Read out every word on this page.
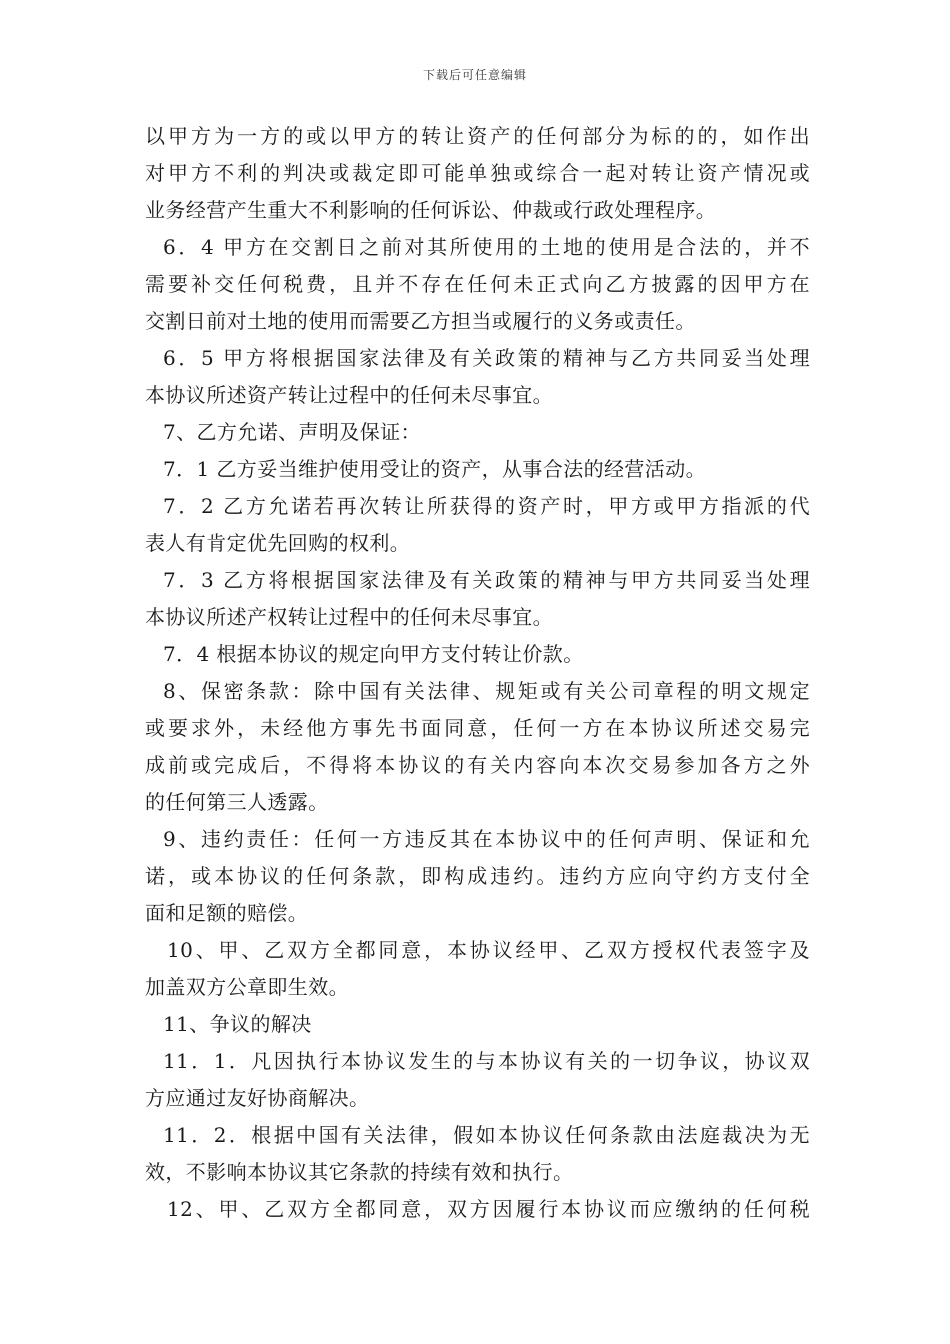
下载后可任意编辑
以甲方为一方的或以甲方的转让资产的任何部分为标的的，如作出
对甲方不利的判决或裁定即可能单独或综合一起对转让资产情况或
业务经营产生重大不利影响的任何诉讼、仲裁或行政处理程序。
6．4 甲方在交割日之前对其所使用的土地的使用是合法的，并不
需要补交任何税费，且并不存在任何未正式向乙方披露的因甲方在
交割日前对土地的使用而需要乙方担当或履行的义务或责任。
6．5 甲方将根据国家法律及有关政策的精神与乙方共同妥当处理
本协议所述资产转让过程中的任何未尽事宜。
7、乙方允诺、声明及保证：
7．1 乙方妥当维护使用受让的资产，从事合法的经营活动。
7．2 乙方允诺若再次转让所获得的资产时，甲方或甲方指派的代
表人有肯定优先回购的权利。
7．3 乙方将根据国家法律及有关政策的精神与甲方共同妥当处理
本协议所述产权转让过程中的任何未尽事宜。
7．4 根据本协议的规定向甲方支付转让价款。
8、保密条款：除中国有关法律、规矩或有关公司章程的明文规定
或要求外，未经他方事先书面同意，任何一方在本协议所述交易完
成前或完成后，不得将本协议的有关内容向本次交易参加各方之外
的任何第三人透露。
9、违约责任：任何一方违反其在本协议中的任何声明、保证和允
诺，或本协议的任何条款，即构成违约。违约方应向守约方支付全
面和足额的赔偿。
10、甲、乙双方全都同意，本协议经甲、乙双方授权代表签字及
加盖双方公章即生效。
11、争议的解决
11．1．凡因执行本协议发生的与本协议有关的一切争议，协议双
方应通过友好协商解决。
11．2．根据中国有关法律，假如本协议任何条款由法庭裁决为无
效，不影响本协议其它条款的持续有效和执行。
12、甲、乙双方全都同意，双方因履行本协议而应缴纳的任何税
